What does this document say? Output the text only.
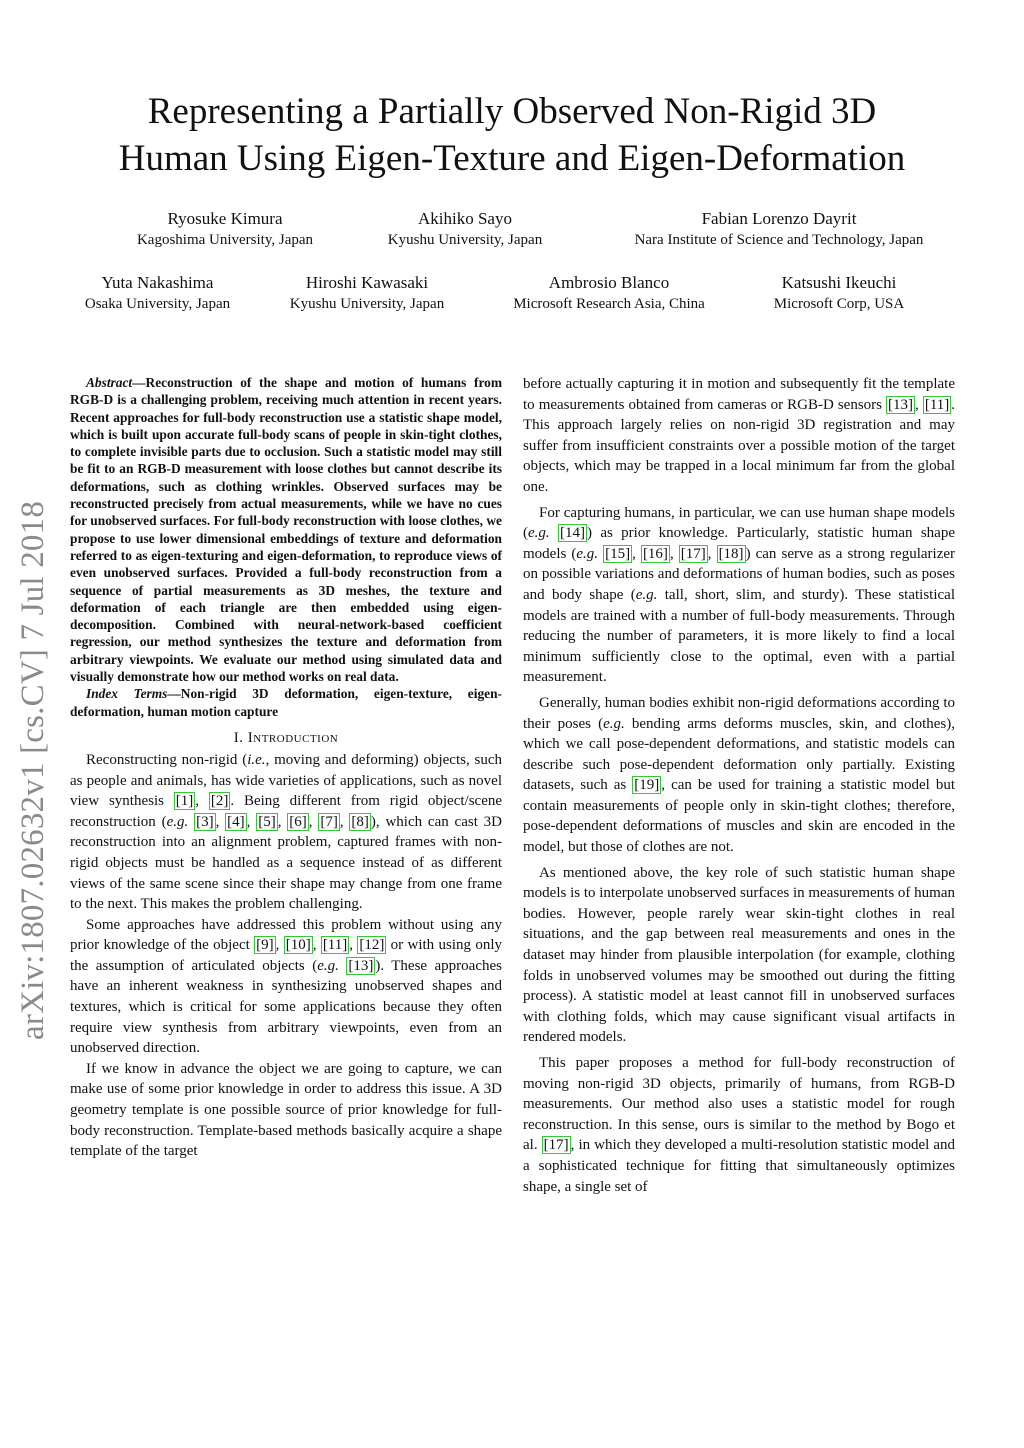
Representing a Partially Observed Non-Rigid 3D
Human Using Eigen-Texture and Eigen-Deformation
Ryosuke Kimura
Kagoshima University, Japan
Akihiko Sayo
Kyushu University, Japan
Fabian Lorenzo Dayrit
Nara Institute of Science and Technology, Japan
Yuta Nakashima
Osaka University, Japan
Hiroshi Kawasaki
Kyushu University, Japan
Ambrosio Blanco
Microsoft Research Asia, China
Katsushi Ikeuchi
Microsoft Corp, USA
arXiv:1807.02632v1 [cs.CV] 7 Jul 2018

Abstract—Reconstruction of the shape and motion of humans from RGB-D is a challenging problem, receiving much attention in recent years. Recent approaches for full-body reconstruction use a statistic shape model, which is built upon accurate full-body scans of people in skin-tight clothes, to complete invisible parts due to occlusion. Such a statistic model may still be fit to an RGB-D measurement with loose clothes but cannot describe its deformations, such as clothing wrinkles. Observed surfaces may be reconstructed precisely from actual measurements, while we have no cues for unobserved surfaces. For full-body reconstruction with loose clothes, we propose to use lower dimensional embeddings of texture and deformation referred to as eigen-texturing and eigen-deformation, to reproduce views of even unobserved surfaces. Provided a full-body reconstruction from a sequence of partial measurements as 3D meshes, the texture and deformation of each triangle are then embedded using eigen-decomposition. Combined with neural-network-based coefficient regression, our method synthesizes the texture and deformation from arbitrary viewpoints. We evaluate our method using simulated data and visually demonstrate how our method works on real data.

Index Terms—Non-rigid 3D deformation, eigen-texture, eigen-deformation, human motion capture

I. Introduction

Reconstructing non-rigid (i.e., moving and deforming) objects, such as people and animals, has wide varieties of applications, such as novel view synthesis [1] , [2] . Being different from rigid object/scene reconstruction (e.g. [3] , [4] , [5] , [6] , [7] , [8] ), which can cast 3D reconstruction into an alignment problem, captured frames with non-rigid objects must be handled as a sequence instead of as different views of the same scene since their shape may change from one frame to the next. This makes the problem challenging.

Some approaches have addressed this problem without using any prior knowledge of the object [9] , [10] , [11] , [12] or with using only the assumption of articulated objects (e.g. [13] ). These approaches have an inherent weakness in synthesizing unobserved shapes and textures, which is critical for some applications because they often require view synthesis from arbitrary viewpoints, even from an unobserved direction.

If we know in advance the object we are going to capture, we can make use of some prior knowledge in order to address this issue. A 3D geometry template is one possible source of prior knowledge for full-body reconstruction. Template-based methods basically acquire a shape template of the target

before actually capturing it in motion and subsequently fit the template to measurements obtained from cameras or RGB-D sensors [13] , [11] . This approach largely relies on non-rigid 3D registration and may suffer from insufficient constraints over a possible motion of the target objects, which may be trapped in a local minimum far from the global one.

For capturing humans, in particular, we can use human shape models (e.g. [14] ) as prior knowledge. Particularly, statistic human shape models (e.g. [15] , [16] , [17] , [18] ) can serve as a strong regularizer on possible variations and deformations of human bodies, such as poses and body shape (e.g. tall, short, slim, and sturdy). These statistical models are trained with a number of full-body measurements. Through reducing the number of parameters, it is more likely to find a local minimum sufficiently close to the optimal, even with a partial measurement.

Generally, human bodies exhibit non-rigid deformations according to their poses (e.g. bending arms deforms muscles, skin, and clothes), which we call pose-dependent deformations, and statistic models can describe such pose-dependent deformation only partially. Existing datasets, such as [19] , can be used for training a statistic model but contain measurements of people only in skin-tight clothes; therefore, pose-dependent deformations of muscles and skin are encoded in the model, but those of clothes are not.

As mentioned above, the key role of such statistic human shape models is to interpolate unobserved surfaces in measurements of human bodies. However, people rarely wear skin-tight clothes in real situations, and the gap between real measurements and ones in the dataset may hinder from plausible interpolation (for example, clothing folds in unobserved volumes may be smoothed out during the fitting process). A statistic model at least cannot fill in unobserved surfaces with clothing folds, which may cause significant visual artifacts in rendered models.

This paper proposes a method for full-body reconstruction of moving non-rigid 3D objects, primarily of humans, from RGB-D measurements. Our method also uses a statistic model for rough reconstruction. In this sense, ours is similar to the method by Bogo et al. [17] , in which they developed a multi-resolution statistic model and a sophisticated technique for fitting that simultaneously optimizes shape, a single set of
